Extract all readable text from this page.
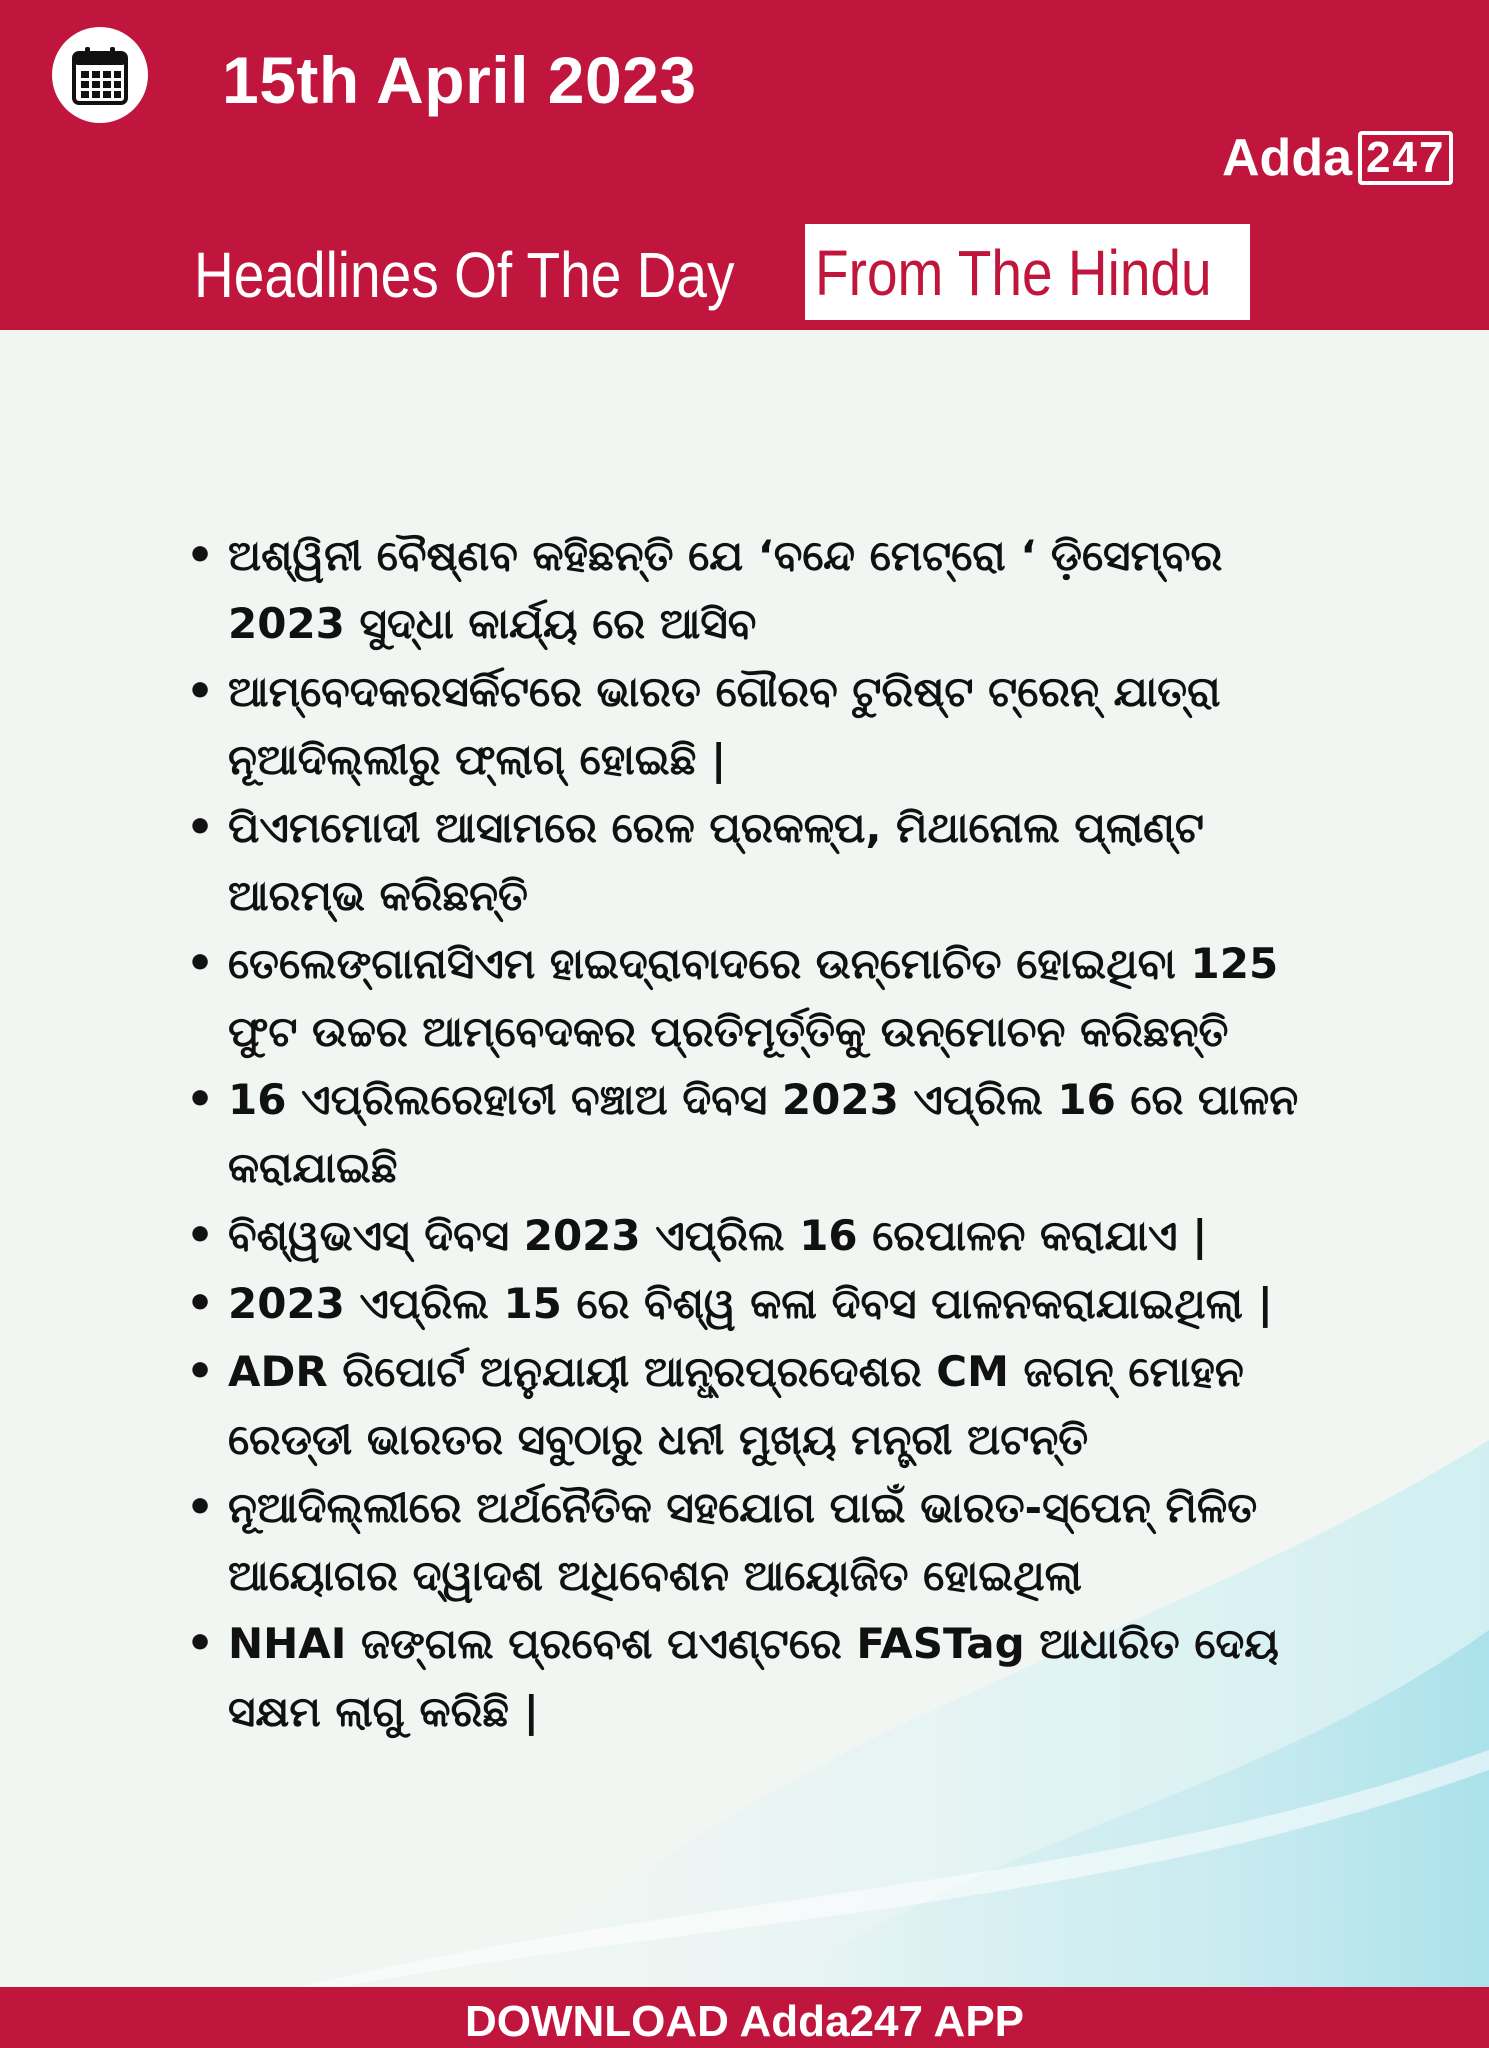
15th April 2023
Adda 247
Headlines Of The Day From The Hindu
• ଅଶ୍ୱିନୀ ବୈଷ୍ଣବ କହିଛନ୍ତି ଯେ ‘ବନ୍ଦେ ମେଟ୍ରୋ ‘ ଡ଼ିସେମ୍ବର 2023 ସୁଦ୍ଧା କାର୍ଯ୍ୟ ରେ ଆସିବ
• ଆମ୍ବେଦକରସର୍କିଟରେ ଭାରତ ଗୌରବ ଟୁରିଷ୍ଟ ଟ୍ରେନ୍ ଯାତ୍ରା ନୂଆଦିଲ୍ଲୀରୁ ଫ୍ଲାଗ୍ ହୋଇଛି |
• ପିଏମମୋଦୀ ଆସାମରେ ରେଳ ପ୍ରକଳ୍ପ, ମିଥାନୋଲ ପ୍ଲାଣ୍ଟ ଆରମ୍ଭ କରିଛନ୍ତି
• ତେଲେଙ୍ଗାନାସିଏମ ହାଇଦ୍ରାବାଦରେ ଉନ୍ମୋଚିତ ହୋଇଥିବା 125 ଫୁଟ ଉଚ୍ଚର ଆମ୍ବେଦକର ପ୍ରତିମୂର୍ତ୍ତିକୁ ଉନ୍ମୋଚନ କରିଛନ୍ତି
• 16 ଏପ୍ରିଲରେହାତୀ ବଞ୍ଚାଅ ଦିବସ 2023 ଏପ୍ରିଲ 16 ରେ ପାଳନ କରାଯାଇଛି
• ବିଶ୍ୱଭଏସ୍ ଦିବସ 2023 ଏପ୍ରିଲ 16 ରେପାଳନ କରାଯାଏ |
• 2023 ଏପ୍ରିଲ 15 ରେ ବିଶ୍ୱ କଳା ଦିବସ ପାଳନକରାଯାଇଥିଲା |
• ADR ରିପୋର୍ଟ ଅନୁଯାୟୀ ଆନ୍ଧ୍ରପ୍ରଦେଶର CM ଜଗନ୍ ମୋହନ ରେଡ୍ଡୀ ଭାରତର ସବୁଠାରୁ ଧନୀ ମୁଖ୍ୟ ମନ୍ତ୍ରୀ ଅଟନ୍ତି
• ନୂଆଦିଲ୍ଲୀରେ ଅର୍ଥନୈତିକ ସହଯୋଗ ପାଇଁ ଭାରତ-ସ୍ପେନ୍ ମିଳିତ ଆୟୋଗର ଦ୍ୱାଦଶ ଅଧିବେଶନ ଆୟୋଜିତ ହୋଇଥିଲା
• NHAI ଜଙ୍ଗଲ ପ୍ରବେଶ ପଏଣ୍ଟରେ FASTag ଆଧାରିତ ଦେୟ ସକ୍ଷମ ଲାଗୁ କରିଛି |
DOWNLOAD Adda247 APP
